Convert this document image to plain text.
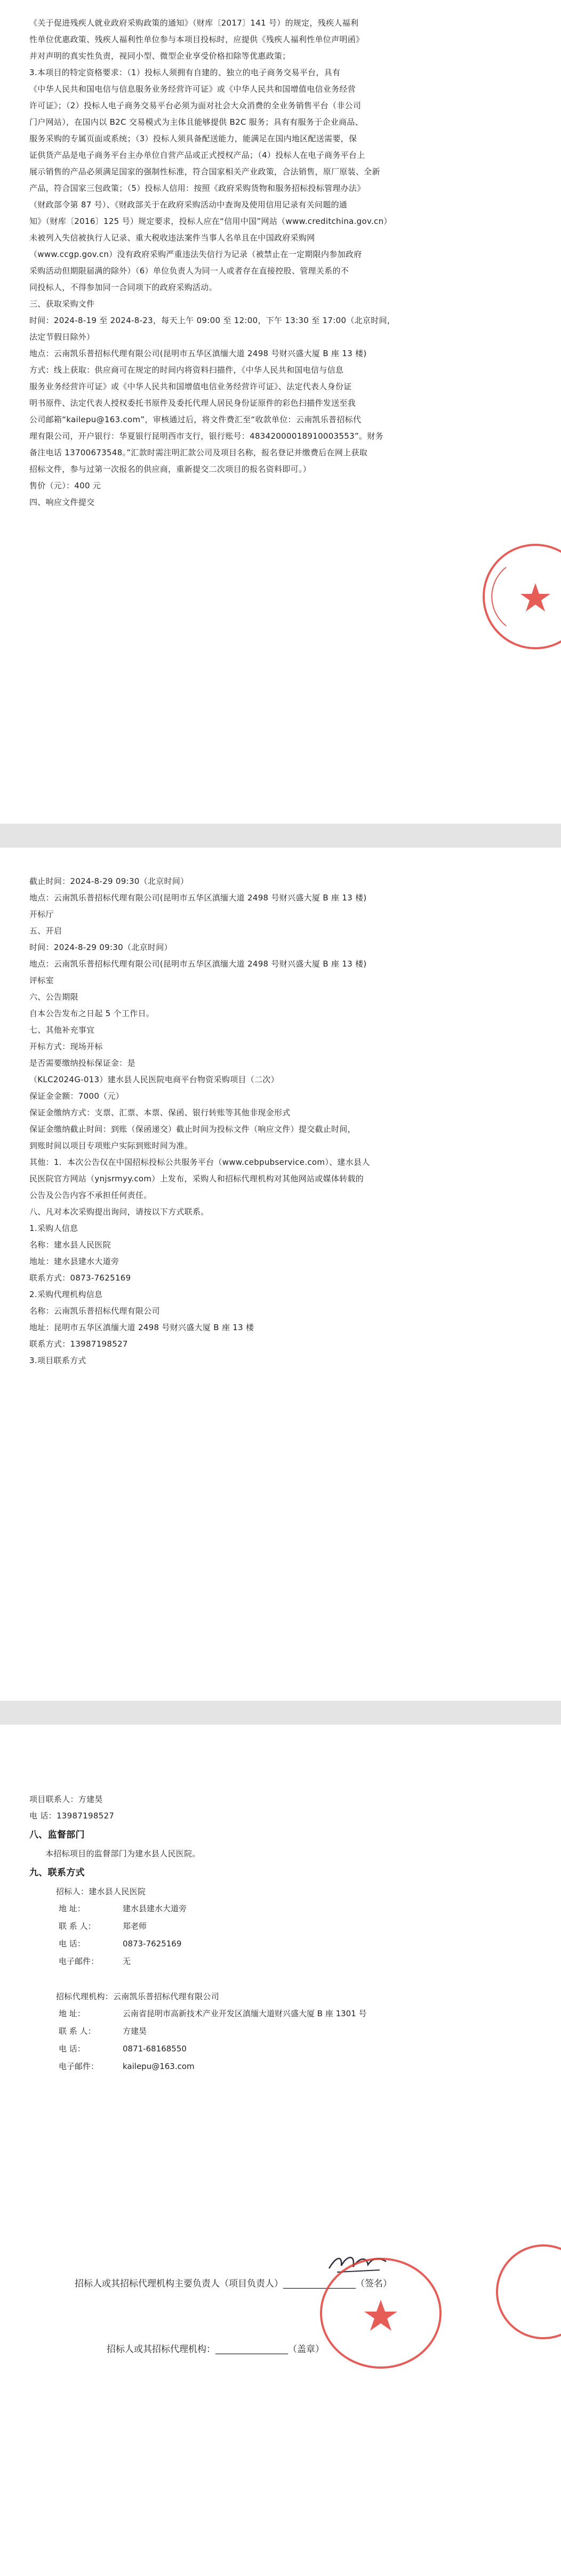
《关于促进残疾人就业政府采购政策的通知》（财库〔2017〕141 号）的规定，残疾人福利

性单位优惠政策、残疾人福利性单位参与本项目投标时，应提供《残疾人福利性单位声明函》

并对声明的真实性负责，视同小型、微型企业享受价格扣除等优惠政策；

3.本项目的特定资格要求：（1）投标人须拥有自建的、独立的电子商务交易平台，具有

《中华人民共和国电信与信息服务业务经营许可证》或《中华人民共和国增值电信业务经营

许可证》；（2）投标人电子商务交易平台必须为面对社会大众消费的全业务销售平台（非公司

门户网站），在国内以 B2C 交易模式为主体且能够提供 B2C 服务；具有有服务于企业商品、

服务采购的专属页面或系统；（3）投标人须具备配送能力，能满足在国内地区配送需要，保

证供货产品是电子商务平台主办单位自营产品或正式授权产品；（4）投标人在电子商务平台上

展示销售的产品必须满足国家的强制性标准，符合国家相关产业政策，合法销售，原厂原装、全新

产品，符合国家三包政策；（5）投标人信用：按照《政府采购货物和服务招标投标管理办法》

（财政部令第 87 号）、《财政部关于在政府采购活动中查询及使用信用记录有关问题的通

知》（财库〔2016〕125 号）规定要求，投标人应在“信用中国”网站（www.creditchina.gov.cn）

未被列入失信被执行人记录、重大税收违法案件当事人名单且在中国政府采购网

（www.ccgp.gov.cn）没有政府采购严重违法失信行为记录（被禁止在一定期限内参加政府

采购活动但期限届满的除外）（6）单位负责人为同一人或者存在直接控股、管理关系的不

同投标人，不得参加同一合同项下的政府采购活动。

三、获取采购文件

时间：2024-8-19 至 2024-8-23，每天上午 09:00 至 12:00，下午 13:30 至 17:00（北京时间，

法定节假日除外）

地点：云南凯乐普招标代理有限公司(昆明市五华区滇缅大道 2498 号财兴盛大厦 B 座 13 楼)

方式：线上获取：供应商可在规定的时间内将资料扫描件，《中华人民共和国电信与信息

服务业务经营许可证》或《中华人民共和国增值电信业务经营许可证》、法定代表人身份证

明书原件、法定代表人授权委托书原件及委托代理人居民身份证原件的彩色扫描件发送至我

公司邮箱“kailepu@163.com”，审核通过后，将文件费汇至“收款单位：云南凯乐普招标代

理有限公司，开户银行：华夏银行昆明西市支行，银行账号：48342000018910003553”。财务

备注电话 13700673548。”汇款时需注明汇款公司及项目名称，报名登记并缴费后在网上获取

招标文件，参与过第一次报名的供应商，重新提交二次项目的报名资料即可。）

售价（元）：400 元

四、响应文件提交

截止时间：2024-8-29 09:30（北京时间）

地点：云南凯乐普招标代理有限公司(昆明市五华区滇缅大道 2498 号财兴盛大厦 B 座 13 楼)

开标厅

五、开启

时间：2024-8-29 09:30（北京时间）

地点：云南凯乐普招标代理有限公司(昆明市五华区滇缅大道 2498 号财兴盛大厦 B 座 13 楼)

评标室

六、公告期限

自本公告发布之日起 5 个工作日。

七、其他补充事宜

开标方式：现场开标

是否需要缴纳投标保证金：是

（KLC2024G-013）建水县人民医院电商平台物资采购项目（二次）

保证金金额：7000（元）

保证金缴纳方式：支票、汇票、本票、保函、银行转账等其他非现金形式

保证金缴纳截止时间：到账（保函递交）截止时间为投标文件（响应文件）提交截止时间，

到账时间以项目专项账户实际到账时间为准。

其他：1．本次公告仅在中国招标投标公共服务平台（www.cebpubservice.com）、建水县人

民医院官方网站（ynjsrmyy.com）上发布，采购人和招标代理机构对其他网站或媒体转载的

公告及公告内容不承担任何责任。

八、凡对本次采购提出询问，请按以下方式联系。

1.采购人信息

名称：建水县人民医院

地址：建水县建水大道旁

联系方式：0873-7625169

2.采购代理机构信息

名称：云南凯乐普招标代理有限公司

地址：昆明市五华区滇缅大道 2498 号财兴盛大厦 B 座 13 楼

联系方式：13987198527

3.项目联系方式

项目联系人：方建昊

电 话：13987198527

八、监督部门

本招标项目的监督部门为建水县人民医院。

九、联系方式

招标人：建水县人民医院

地 址：	建水县建水大道旁
联 系 人：	郑老师
电 话：	0873-7625169
电子邮件：	无

招标代理机构：云南凯乐普招标代理有限公司

地 址：	云南省昆明市高新技术产业开发区滇缅大道财兴盛大厦 B 座 1301 号
联 系 人：	方建昊
电 话：	0871-68168550
电子邮件：	kailepu@163.com

招标人或其招标代理机构主要负责人（项目负责人）________________（签名）

招标人或其招标代理机构：________________（盖章）
